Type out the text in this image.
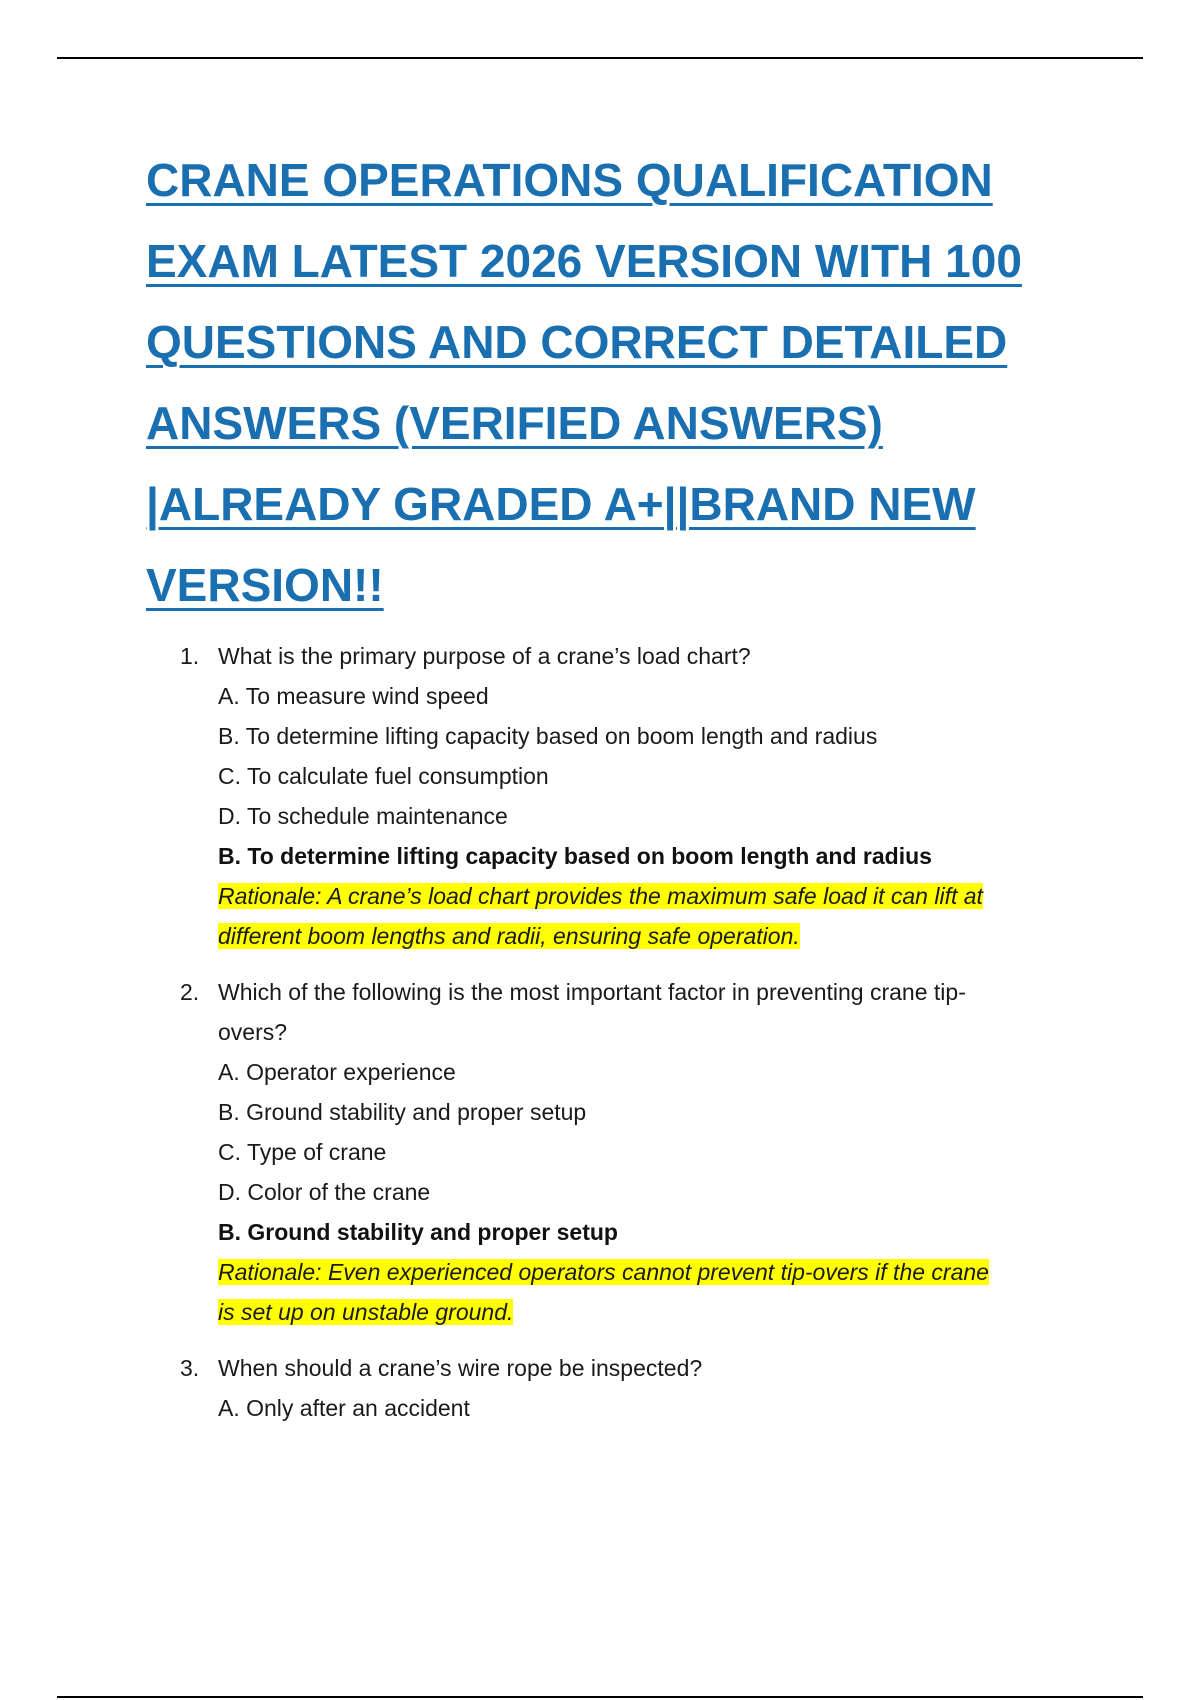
CRANE OPERATIONS QUALIFICATION
EXAM LATEST 2026 VERSION WITH 100
QUESTIONS AND CORRECT DETAILED
ANSWERS (VERIFIED ANSWERS)
|ALREADY GRADED A+||BRAND NEW
VERSION!!
1. What is the primary purpose of a crane’s load chart?
A. To measure wind speed
B. To determine lifting capacity based on boom length and radius
C. To calculate fuel consumption
D. To schedule maintenance
B. To determine lifting capacity based on boom length and radius
Rationale: A crane’s load chart provides the maximum safe load it can lift at
different boom lengths and radii, ensuring safe operation.
2. Which of the following is the most important factor in preventing crane tip-
overs?
A. Operator experience
B. Ground stability and proper setup
C. Type of crane
D. Color of the crane
B. Ground stability and proper setup
Rationale: Even experienced operators cannot prevent tip-overs if the crane
is set up on unstable ground.
3. When should a crane’s wire rope be inspected?
A. Only after an accident
